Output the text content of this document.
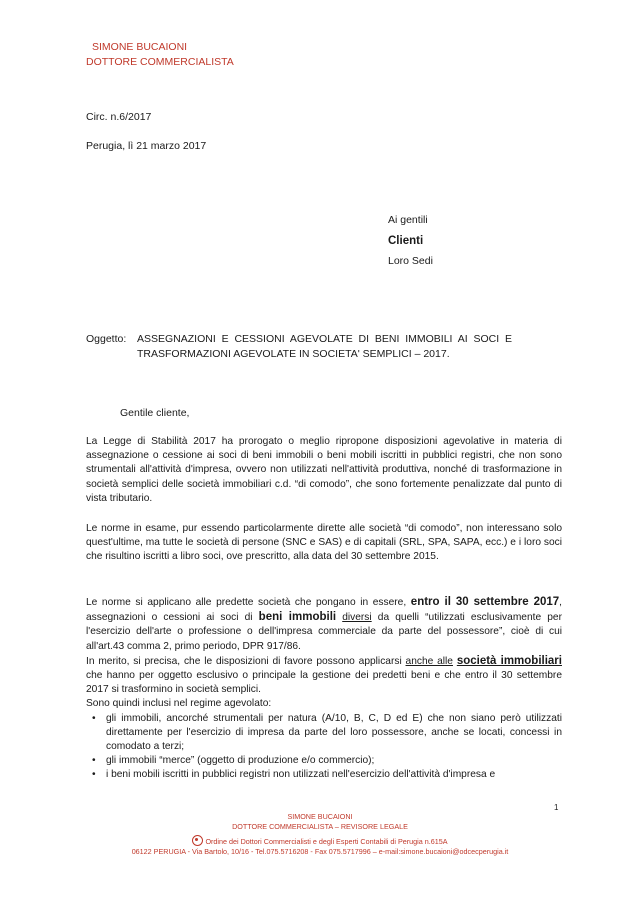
SIMONE BUCAIONI
DOTTORE COMMERCIALISTA
Circ. n.6/2017
Perugia, lì 21 marzo 2017
Ai gentili
Clienti
Loro Sedi
Oggetto: ASSEGNAZIONI  E  CESSIONI  AGEVOLATE  DI  BENI  IMMOBILI  AI  SOCI  E
TRASFORMAZIONI AGEVOLATE IN SOCIETA' SEMPLICI – 2017.
Gentile cliente,

La Legge di Stabilità 2017 ha prorogato o meglio ripropone disposizioni agevolative in materia di assegnazione o cessione ai soci di beni immobili o beni mobili iscritti in pubblici registri, che non sono strumentali all'attività d'impresa, ovvero non utilizzati nell'attività produttiva, nonché di trasformazione in società semplici delle società immobiliari c.d. “di comodo”, che sono fortemente penalizzate dal punto di vista tributario.

Le norme in esame, pur essendo particolarmente dirette alle società “di comodo”, non interessano solo quest'ultime, ma tutte le società di persone (SNC e SAS) e di capitali (SRL, SPA, SAPA, ecc.) e i loro soci che risultino iscritti a libro soci, ove prescritto, alla data del 30 settembre 2015.

Le norme si applicano alle predette società che pongano in essere, entro il 30 settembre 2017, assegnazioni o cessioni ai soci di beni immobili diversi da quelli “utilizzati esclusivamente per l'esercizio dell'arte o professione o dell'impresa commerciale da parte del possessore”, cioè di cui all'art.43 comma 2, primo periodo, DPR 917/86.

In merito, si precisa, che le disposizioni di favore possono applicarsi anche alle società immobiliari che hanno per oggetto esclusivo o principale la gestione dei predetti beni e che entro il 30 settembre 2017 si trasformino in società semplici.

Sono quindi inclusi nel regime agevolato:

• gli immobili, ancorché strumentali per natura (A/10, B, C, D ed E) che non siano però utilizzati direttamente per l'esercizio di impresa da parte del loro possessore, anche se locati, concessi in comodato a terzi;
• gli immobili “merce” (oggetto di produzione e/o commercio);
• i beni mobili iscritti in pubblici registri non utilizzati nell'esercizio dell'attività d'impresa e
1
SIMONE BUCAIONI
DOTTORE COMMERCIALISTA – REVISORE LEGALE
Ordine dei Dottori Commercialisti e degli Esperti Contabili di Perugia n.615A
06122 PERUGIA - Via Bartolo, 10/16 - Tel.075.5716208 - Fax 075.5717996 – e-mail:simone.bucaioni@odcecperugia.it
